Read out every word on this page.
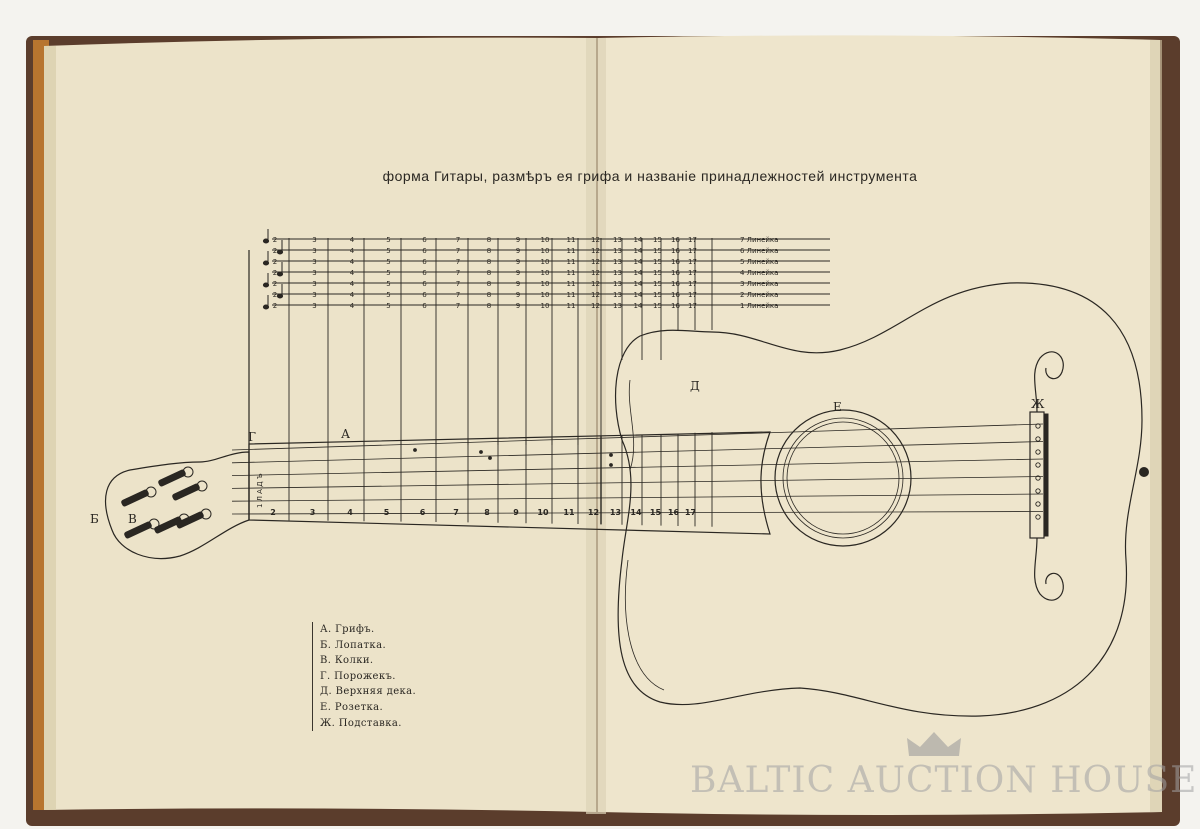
2	3	4	5	6	7	8	9	10 11 12 13 14 15 16 17	7 Линейка
2	3	4	5	6	7	8	9	10 11 12 13 14 15 16 17	6 Линейка
2	3	4	5	6	7	8	9	10 11 12 13 14 15 16 17	5 Линейка
2	3	4	5	6	7	8	9	10 11 12 13 14 15 16 17	4 Линейка
2	3	4	5	6	7	8	9	10 11 12 13 14 15 16 17	3 Линейка
2	3	4	5	6	7	8	9	10 11 12 13 14 15 16 17	2 Линейка
2	3	4	5	6	7	8	9	10 11 12 13 14 15 16 17	1 Линейка
2	3	4	5	6	7	8	9 10 11 12 13 14 15 16 17
1 Л А Д Ъ
форма Гитары, размѣръ ея грифа и названіе принадлежностей инструмента
А
Б В
Г
Д
Е	Ж
А. Грифъ.
Б. Лопатка.
В. Колки.
Г. Порожекъ.
Д. Верхняя дека.
Е. Розетка.
Ж. Подставка.
BALTIC AUCTION HOUSE
